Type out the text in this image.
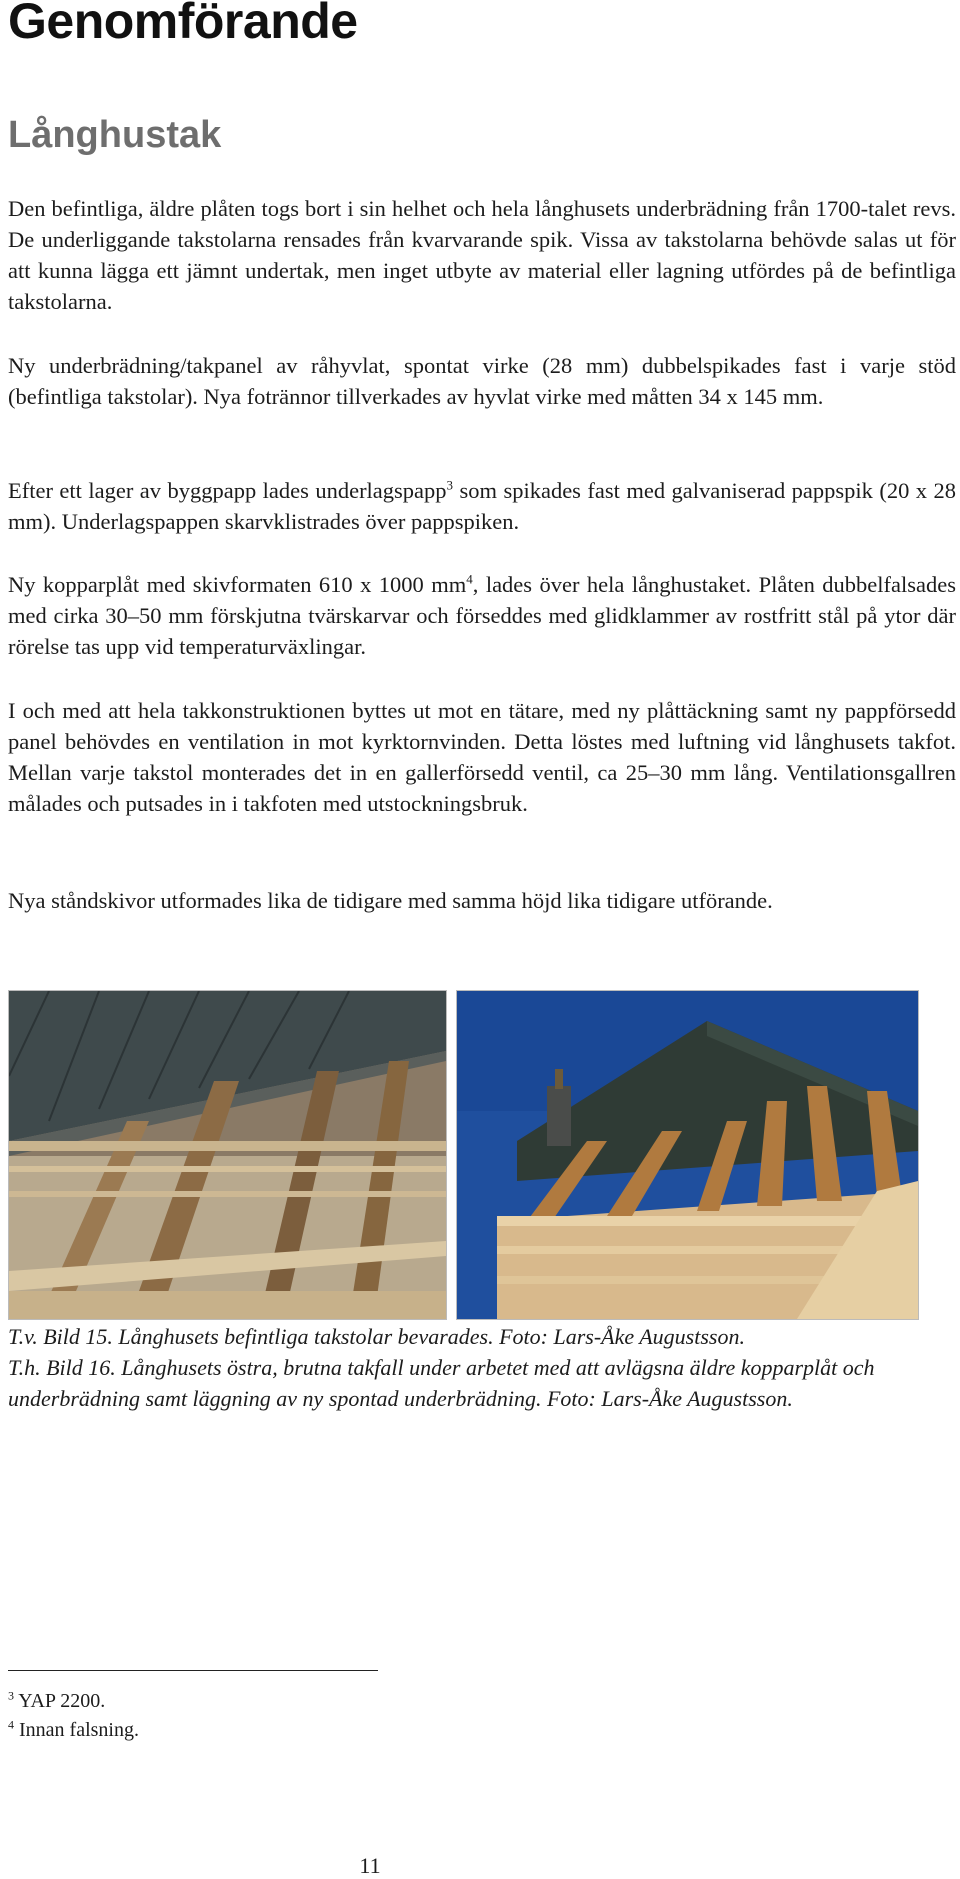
Genomförande
Långhustak

Den befintliga, äldre plåten togs bort i sin helhet och hela långhusets underbrädning från 1700-talet revs. De underliggande takstolarna rensades från kvarvarande spik. Vissa av takstolarna behövde salas ut för att kunna lägga ett jämnt undertak, men inget utbyte av material eller lagning utfördes på de befintliga takstolarna.

Ny underbrädning/takpanel av råhyvlat, spontat virke (28 mm) dubbelspikades fast i varje stöd (befintliga takstolar). Nya fotrännor tillverkades av hyvlat virke med måtten 34 x 145 mm.

Efter ett lager av byggpapp lades underlagspapp$^3$ som spikades fast med galvaniserad pappspik (20 x 28 mm). Underlagspappen skarvklistrades över pappspiken.

Ny kopparplåt med skivformaten 610 x 1000 $mm^4$, lades över hela långhustaket. Plåten dubbelfalsades med cirka 30–50 mm förskjutna tvärskarvar och förseddes med glidklammer av rostfritt stål på ytor där rörelse tas upp vid temperaturväxlingar.

I och med att hela takkonstruktionen byttes ut mot en tätare, med ny plåttäckning samt ny pappförsedd panel behövdes en ventilation in mot kyrktornvinden. Detta löstes med luftning vid långhusets takfot. Mellan varje takstol monterades det in en gallerförsedd ventil, ca 25–30 mm lång. Ventilationsgallren målades och putsades in i takfoten med utstockningsbruk.

Nya ståndskivor utformades lika de tidigare med samma höjd lika tidigare utförande.

T.v. Bild 15. Långhusets befintliga takstolar bevarades. Foto: Lars-Åke Augustsson.

T.h. Bild 16. Långhusets östra, brutna takfall under arbetet med att avlägsna äldre kopparplåt och underbrädning samt läggning av ny spontad underbrädning. Foto: Lars-Åke Augustsson.

$^3$ YAP 2200.

$^4$ Innan falsning.

11
